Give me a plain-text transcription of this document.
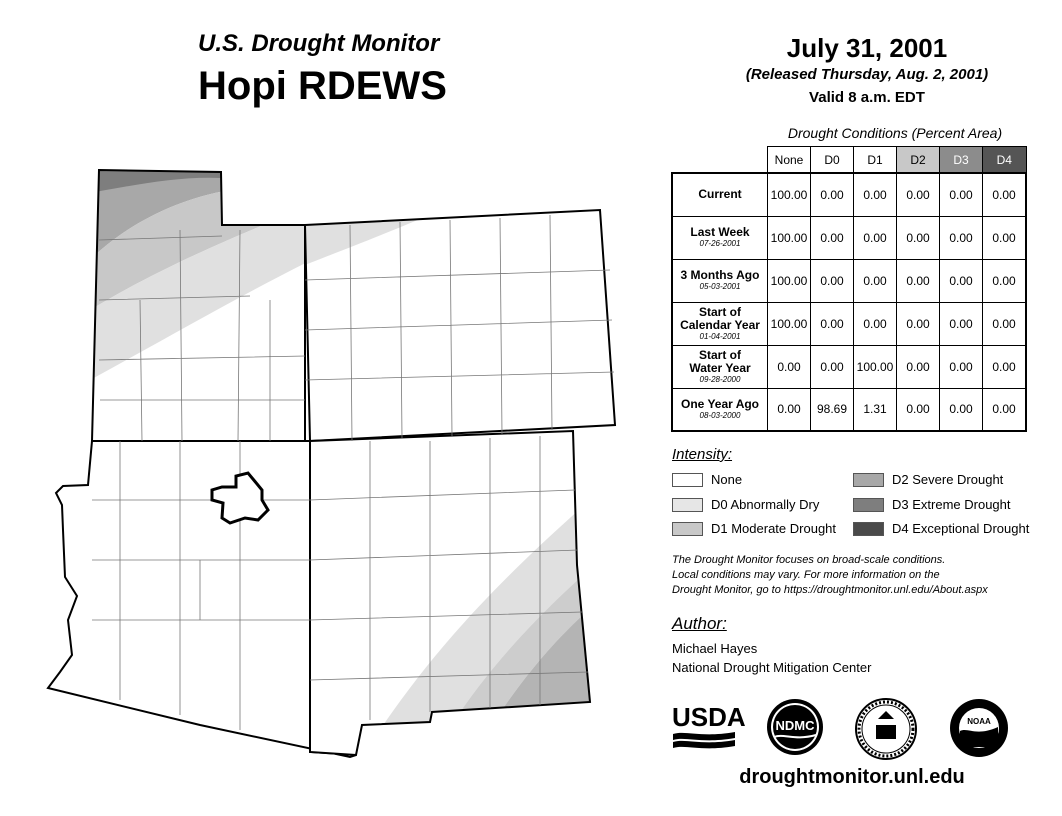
U.S. Drought Monitor
Hopi RDEWS
July 31, 2001
(Released Thursday, Aug. 2, 2001)
Valid 8 a.m. EDT
Drought Conditions (Percent Area)
	None	D0	D1	D2	D3	D4
Current	100.00	0.00	0.00	0.00	0.00	0.00
Last Week
07-26-2001	100.00	0.00	0.00	0.00	0.00	0.00
3 Months Ago
05-03-2001	100.00	0.00	0.00	0.00	0.00	0.00
Start of
Calendar Year
01-04-2001	100.00	0.00	0.00	0.00	0.00	0.00
Start of
Water Year
09-28-2000	0.00	0.00	100.00	0.00	0.00	0.00
One Year Ago
08-03-2000	0.00	98.69	1.31	0.00	0.00	0.00
Intensity:
None
D0 Abnormally Dry
D1 Moderate Drought
D2 Severe Drought
D3 Extreme Drought
D4 Exceptional Drought
The Drought Monitor focuses on broad-scale conditions.
Local conditions may vary. For more information on the
Drought Monitor, go to https://droughtmonitor.unl.edu/About.aspx
Author:
Michael Hayes
National Drought Mitigation Center
USDA NDMC	NOAA
droughtmonitor.unl.edu
